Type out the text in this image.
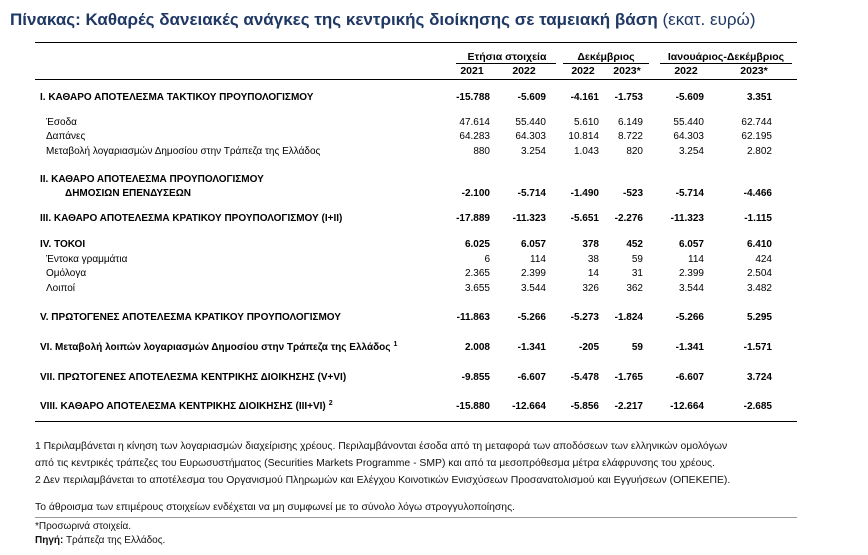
Πίνακας: Καθαρές δανειακές ανάγκες της κεντρικής διοίκησης σε ταμειακή βάση (εκατ. ευρώ)
Ετήσια στοιχεία	Δεκέμβριος	Ιανουάριος-Δεκέμβριος
2021	2022	2022	2023*	2022	2023*
I. ΚΑΘΑΡΟ ΑΠΟΤΕΛΕΣΜΑ ΤΑΚΤΙΚΟΥ ΠΡΟΥΠΟΛΟΓΙΣΜΟΥ	-15.788	-5.609	-4.161	-1.753	-5.609	3.351
Έσοδα	47.614	55.440	5.610	6.149	55.440	62.744
Δαπάνες	64.283	64.303	10.814	8.722	64.303	62.195
Μεταβολή λογαριασμών Δημοσίου στην Τράπεζα της Ελλάδος	880	3.254	1.043	820	3.254	2.802
II. ΚΑΘΑΡΟ ΑΠΟΤΕΛΕΣΜΑ ΠΡΟΥΠΟΛΟΓΙΣΜΟΥ
ΔΗΜΟΣΙΩΝ ΕΠΕΝΔΥΣΕΩΝ	-2.100	-5.714	-1.490	-523	-5.714	-4.466
III. ΚΑΘΑΡΟ ΑΠΟΤΕΛΕΣΜΑ ΚΡΑΤΙΚΟΥ ΠΡΟΥΠΟΛΟΓΙΣΜΟΥ (I+II)	-17.889	-11.323	-5.651	-2.276	-11.323	-1.115
IV. ΤΟΚΟΙ	6.025	6.057	378	452	6.057	6.410
Έντοκα γραμμάτια	6	114	38	59	114	424
Ομόλογα	2.365	2.399	14	31	2.399	2.504
Λοιποί	3.655	3.544	326	362	3.544	3.482
V. ΠΡΩΤΟΓΕΝΕΣ ΑΠΟΤΕΛΕΣΜΑ ΚΡΑΤΙΚΟΥ ΠΡΟΥΠΟΛΟΓΙΣΜΟΥ	-11.863	-5.266	-5.273	-1.824	-5.266	5.295
VI. Μεταβολή λοιπών λογαριασμών Δημοσίου στην Τράπεζα της Ελλάδος $^1$	2.008	-1.341	-205	59	-1.341	-1.571
VII. ΠΡΩΤΟΓΕΝΕΣ ΑΠΟΤΕΛΕΣΜΑ ΚΕΝΤΡΙΚΗΣ ΔΙΟΙΚΗΣΗΣ (V+VI)	-9.855	-6.607	-5.478	-1.765	-6.607	3.724
VIII. ΚΑΘΑΡΟ ΑΠΟΤΕΛΕΣΜΑ ΚΕΝΤΡΙΚΗΣ ΔΙΟΙΚΗΣΗΣ (III+VI) $^2$	-15.880	-12.664	-5.856	-2.217	-12.664	-2.685
1 Περιλαμβάνεται η κίνηση των λογαριασμών διαχείρισης χρέους. Περιλαμβάνονται έσοδα από τη μεταφορά των αποδόσεων των ελληνικών ομολόγων
από τις κεντρικές τράπεζες του Ευρωσυστήματος (Securities Markets Programme - SMP) και από τα μεσοπρόθεσμα μέτρα ελάφρυνσης του χρέους.
2 Δεν περιλαμβάνεται το αποτέλεσμα του Οργανισμού Πληρωμών και Ελέγχου Κοινοτικών Ενισχύσεων Προσανατολισμού και Εγγυήσεων (ΟΠΕΚΕΠΕ).
Το άθροισμα των επιμέρους στοιχείων ενδέχεται να μη συμφωνεί με το σύνολο λόγω στρογγυλοποίησης.
*Προσωρινά στοιχεία.
Πηγή: Τράπεζα της Ελλάδος.
